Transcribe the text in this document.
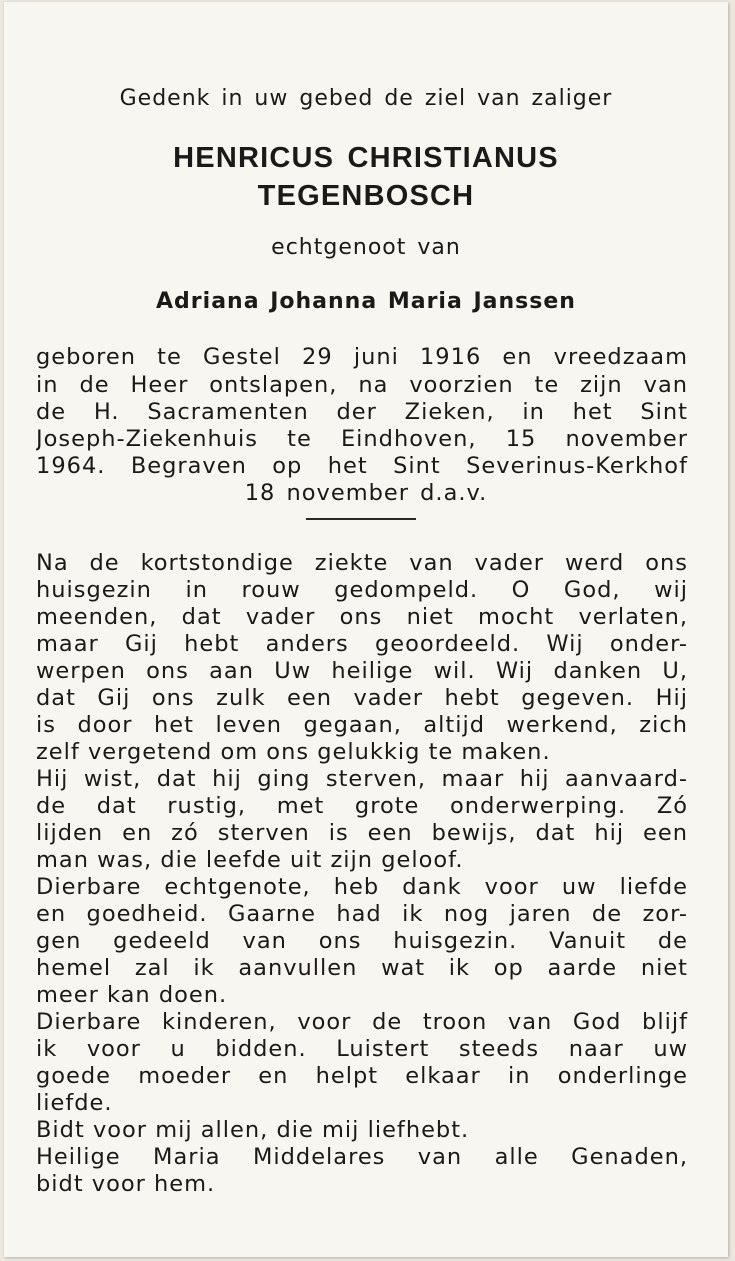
Gedenk in uw gebed de ziel van zaliger
HENRICUS CHRISTIANUS
TEGENBOSCH
echtgenoot van
Adriana Johanna Maria Janssen
geboren te Gestel 29 juni 1916 en vreedzaam
in de Heer ontslapen, na voorzien te zijn van
de H. Sacramenten der Zieken, in het Sint
Joseph-Ziekenhuis te Eindhoven, 15 november
1964. Begraven op het Sint Severinus-Kerkhof
18 november d.a.v.
Na de kortstondige ziekte van vader werd ons
huisgezin in rouw gedompeld. O God, wij
meenden, dat vader ons niet mocht verlaten,
maar Gij hebt anders geoordeeld. Wij onder-
werpen ons aan Uw heilige wil. Wij danken U,
dat Gij ons zulk een vader hebt gegeven. Hij
is door het leven gegaan, altijd werkend, zich
zelf vergetend om ons gelukkig te maken.
Hij wist, dat hij ging sterven, maar hij aanvaard-
de dat rustig, met grote onderwerping. Zó
lijden en zó sterven is een bewijs, dat hij een
man was, die leefde uit zijn geloof.
Dierbare echtgenote, heb dank voor uw liefde
en goedheid. Gaarne had ik nog jaren de zor-
gen gedeeld van ons huisgezin. Vanuit de
hemel zal ik aanvullen wat ik op aarde niet
meer kan doen.
Dierbare kinderen, voor de troon van God blijf
ik voor u bidden. Luistert steeds naar uw
goede moeder en helpt elkaar in onderlinge
liefde.
Bidt voor mij allen, die mij liefhebt.
Heilige Maria Middelares van alle Genaden,
bidt voor hem.
